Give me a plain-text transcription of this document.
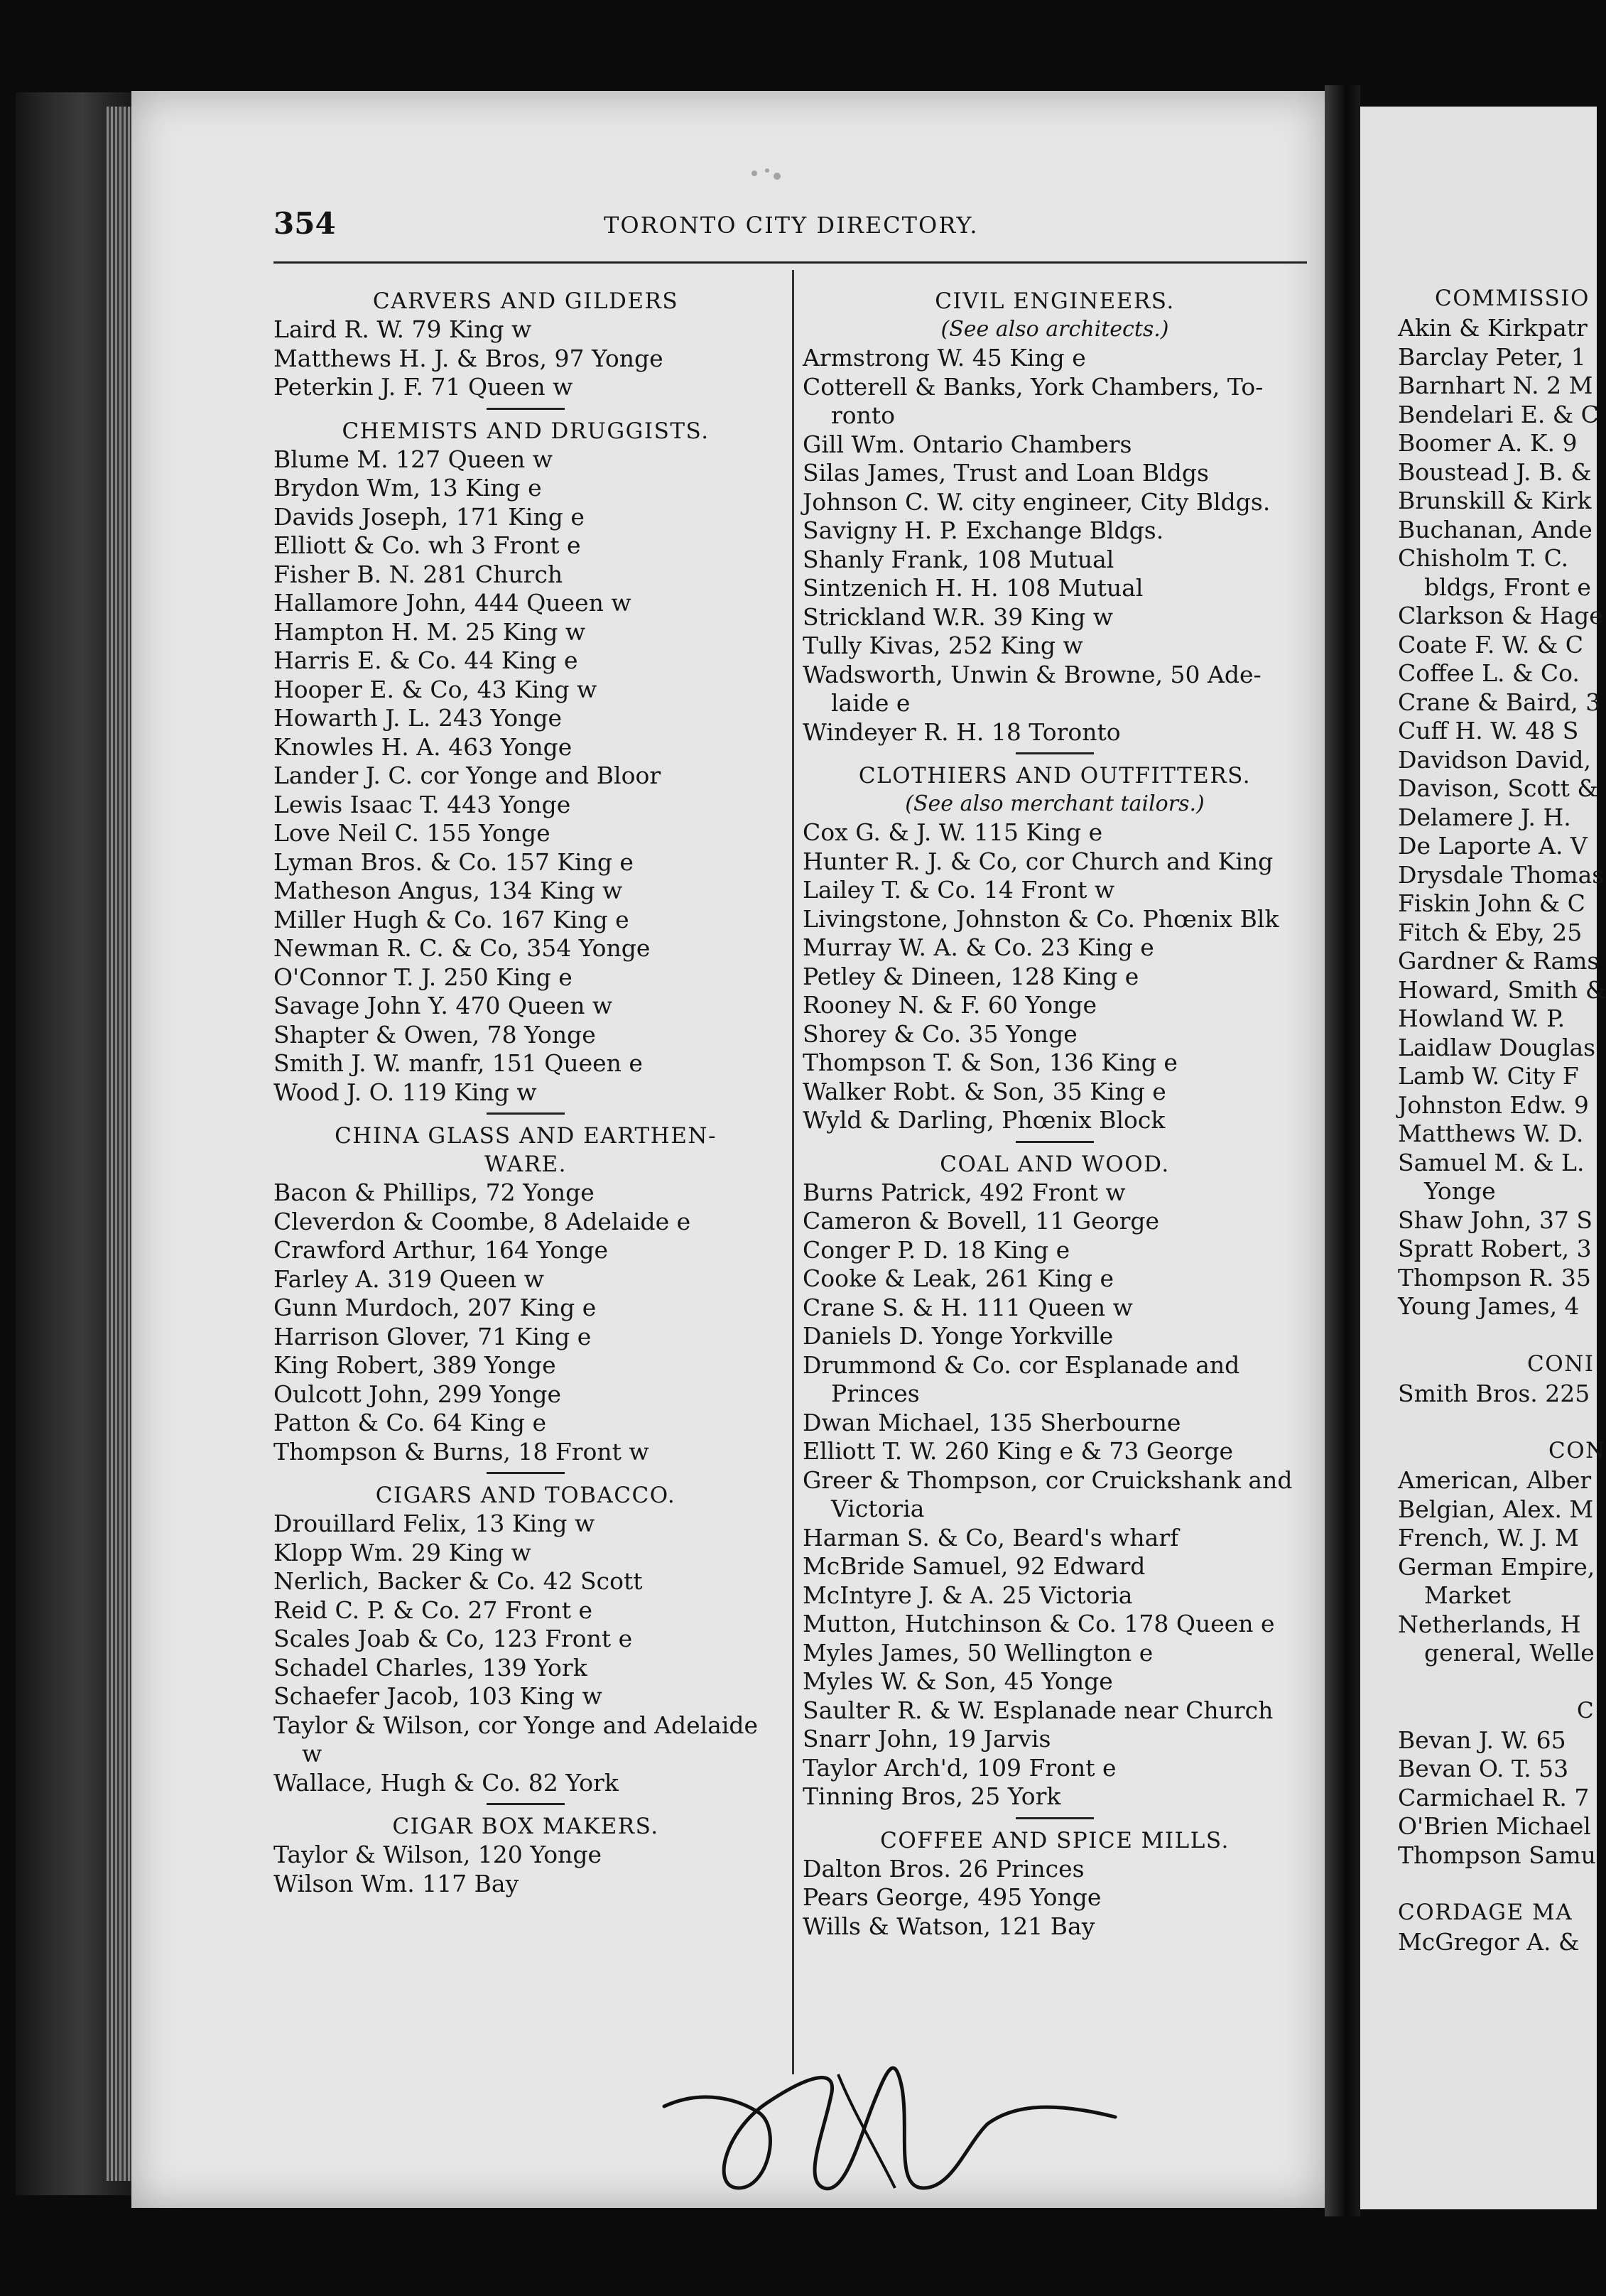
354	TORONTO CITY DIRECTORY.
CARVERS AND GILDERS
Laird R. W. 79 King w
Matthews H. J. & Bros, 97 Yonge
Peterkin J. F. 71 Queen w
CHEMISTS AND DRUGGISTS.
Blume M. 127 Queen w
Brydon Wm, 13 King e
Davids Joseph, 171 King e
Elliott & Co. wh 3 Front e
Fisher B. N. 281 Church
Hallamore John, 444 Queen w
Hampton H. M. 25 King w
Harris E. & Co. 44 King e
Hooper E. & Co, 43 King w
Howarth J. L. 243 Yonge
Knowles H. A. 463 Yonge
Lander J. C. cor Yonge and Bloor
Lewis Isaac T. 443 Yonge
Love Neil C. 155 Yonge
Lyman Bros. & Co. 157 King e
Matheson Angus, 134 King w
Miller Hugh & Co. 167 King e
Newman R. C. & Co, 354 Yonge
O'Connor T. J. 250 King e
Savage John Y. 470 Queen w
Shapter & Owen, 78 Yonge
Smith J. W. manfr, 151 Queen e
Wood J. O. 119 King w
CHINA GLASS AND EARTHEN-
WARE.
Bacon & Phillips, 72 Yonge
Cleverdon & Coombe, 8 Adelaide e
Crawford Arthur, 164 Yonge
Farley A. 319 Queen w
Gunn Murdoch, 207 King e
Harrison Glover, 71 King e
King Robert, 389 Yonge
Oulcott John, 299 Yonge
Patton & Co. 64 King e
Thompson & Burns, 18 Front w
CIGARS AND TOBACCO.
Drouillard Felix, 13 King w
Klopp Wm. 29 King w
Nerlich, Backer & Co. 42 Scott
Reid C. P. & Co. 27 Front e
Scales Joab & Co, 123 Front e
Schadel Charles, 139 York
Schaefer Jacob, 103 King w
Taylor & Wilson, cor Yonge and Adelaide
w
Wallace, Hugh & Co. 82 York
CIGAR BOX MAKERS.
Taylor & Wilson, 120 Yonge
Wilson Wm. 117 Bay
CIVIL ENGINEERS.
(See also architects.)
Armstrong W. 45 King e
Cotterell & Banks, York Chambers, To-
ronto
Gill Wm. Ontario Chambers
Silas James, Trust and Loan Bldgs
Johnson C. W. city engineer, City Bldgs.
Savigny H. P. Exchange Bldgs.
Shanly Frank, 108 Mutual
Sintzenich H. H. 108 Mutual
Strickland W.R. 39 King w
Tully Kivas, 252 King w
Wadsworth, Unwin & Browne, 50 Ade-
laide e
Windeyer R. H. 18 Toronto
CLOTHIERS AND OUTFITTERS.
(See also merchant tailors.)
Cox G. & J. W. 115 King e
Hunter R. J. & Co, cor Church and King
Lailey T. & Co. 14 Front w
Livingstone, Johnston & Co. Phœnix Blk
Murray W. A. & Co. 23 King e
Petley & Dineen, 128 King e
Rooney N. & F. 60 Yonge
Shorey & Co. 35 Yonge
Thompson T. & Son, 136 King e
Walker Robt. & Son, 35 King e
Wyld & Darling, Phœnix Block
COAL AND WOOD.
Burns Patrick, 492 Front w
Cameron & Bovell, 11 George
Conger P. D. 18 King e
Cooke & Leak, 261 King e
Crane S. & H. 111 Queen w
Daniels D. Yonge Yorkville
Drummond & Co. cor Esplanade and
Princes
Dwan Michael, 135 Sherbourne
Elliott T. W. 260 King e & 73 George
Greer & Thompson, cor Cruickshank and
Victoria
Harman S. & Co, Beard's wharf
McBride Samuel, 92 Edward
McIntyre J. & A. 25 Victoria
Mutton, Hutchinson & Co. 178 Queen e
Myles James, 50 Wellington e
Myles W. & Son, 45 Yonge
Saulter R. & W. Esplanade near Church
Snarr John, 19 Jarvis
Taylor Arch'd, 109 Front e
Tinning Bros, 25 York
COFFEE AND SPICE MILLS.
Dalton Bros. 26 Princes
Pears George, 495 Yonge
Wills & Watson, 121 Bay
COMMISSIO
Akin & Kirkpatr
Barclay Peter, 1
Barnhart N. 2 M
Bendelari E. & C
Boomer A. K. 9
Boustead J. B. &
Brunskill & Kirk
Buchanan, Ande
Chisholm T. C.
bldgs, Front e
Clarkson & Hage
Coate F. W. & C
Coffee L. & Co.
Crane & Baird, 3
Cuff H. W. 48 S
Davidson David,
Davison, Scott &
Delamere J. H.
De Laporte A. V
Drysdale Thomas
Fiskin John & C
Fitch & Eby, 25
Gardner & Rams
Howard, Smith &
Howland W. P.
Laidlaw Douglas
Lamb W. City F
Johnston Edw. 9
Matthews W. D.
Samuel M. & L.
Yonge
Shaw John, 37 S
Spratt Robert, 3
Thompson R. 35
Young James, 4
CONI
Smith Bros. 225
CON
American, Alber
Belgian, Alex. M
French, W. J. M
German Empire,
Market
Netherlands, H
general, Welle
C
Bevan J. W. 65
Bevan O. T. 53
Carmichael R. 7
O'Brien Michael
Thompson Samu
CORDAGE MA
McGregor A. &
